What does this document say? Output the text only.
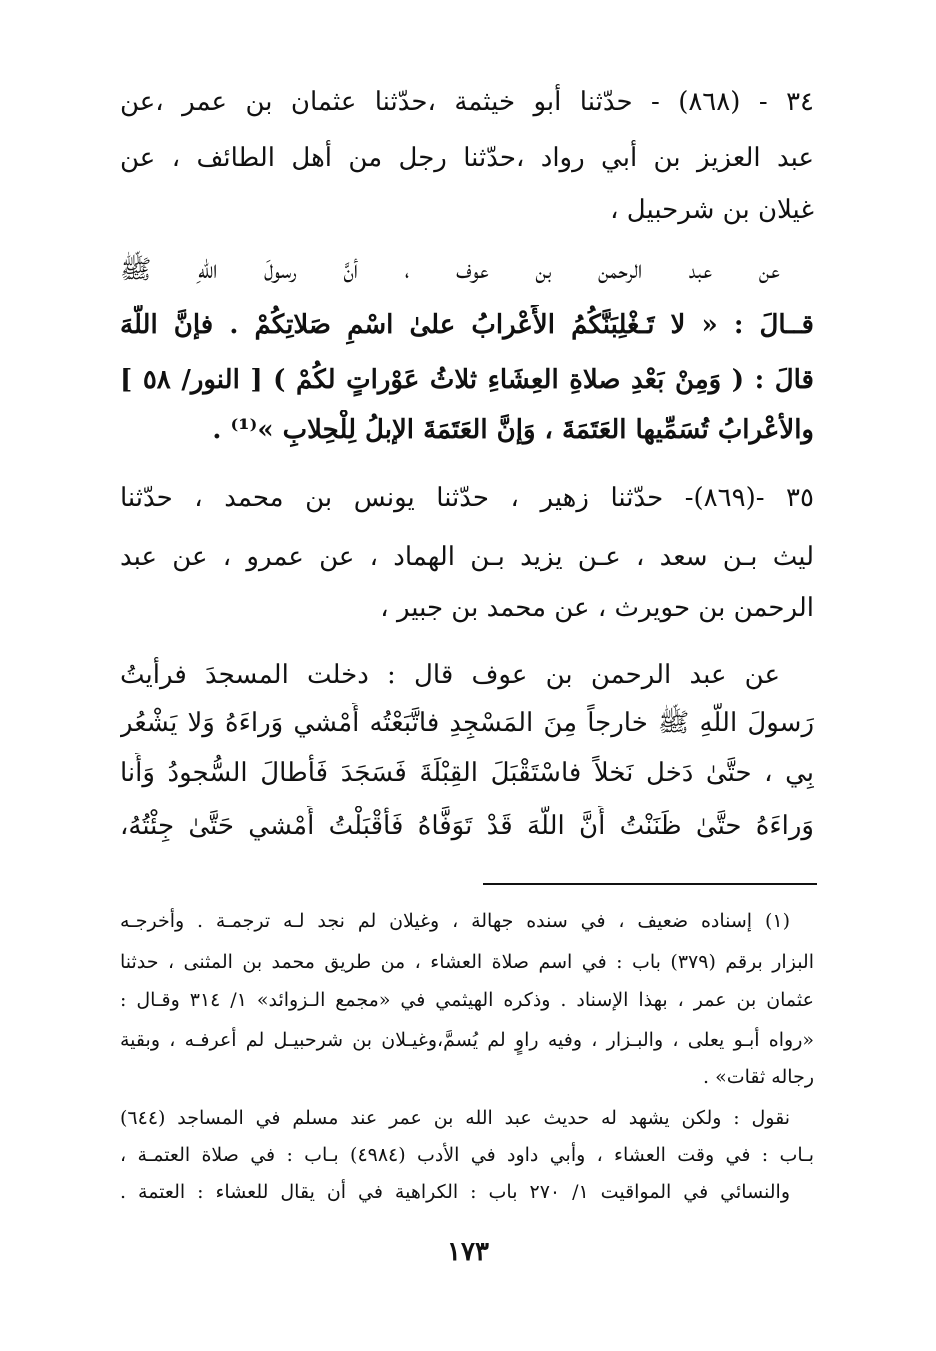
٣٤ - (٨٦٨) - حدّثنا أبو خيثمة ،حدّثنا عثمان بن عمر ،عن
عبد العزيز بن أبي رواد ،حدّثنا رجل من أهل الطائف ، عن
غيلان بن شرحبيل ،
عن عبد الرحمن بن عوف ، أنَّ رسولَ اللّهِ ﷺ
قــالَ : « لا تَـغْلِبَنَّكُمُ الأَعْرابُ علىٰ اسْمِ صَلاتِكُمْ . فإنَّ اللَّهَ
قالَ : ( وَمِنْ بَعْدِ صلاةِ العِشَاءِ ثلاثُ عَوْراتٍ لكُمْ ) [ النور/ ٥٨ ]
والأعْرابُ تُسَمِّيها العَتَمَةَ ، وَإنَّ العَتَمَةَ الإبلُ لِلْحِلابِ »⁽¹⁾ .
٣٥ -(٨٦٩)- حدّثنا زهير ، حدّثنا يونس بن محمد ، حدّثنا
ليث بـن سعد ، عـن يزيد بـن الهماد ، عن عمرو ، عن عبد
الرحمن بن حويرث ، عن محمد بن جبير ،
عن عبد الرحمن بن عوف قال : دخلت المسجدَ فرأيتُ
رَسولَ اللَّهِ ﷺ خارجاً مِنَ المَسْجِدِ فاتَّبَعْتُه أَمْشي وَراءَهُ وَلا يَشْعُر
بِي ، حتَّىٰ دَخل نَخلاً فاسْتَقْبَلَ القِبْلَةَ فَسَجَدَ فَأَطالَ السُّجودُ وَأَنا
وَراءَهُ حتَّىٰ ظَنَنْتُ أَنَّ اللَّهَ قَدْ تَوَفَّاهُ فَأَقْبَلْتُ أَمْشي حَتَّىٰ جِئْتُهُ،
(١) إسناده ضعيف ، في سنده جهالة ، وغيلان لم نجد لـه ترجمـة . وأخرجـه
البزار برقم (٣٧٩) باب : في اسم صلاة العشاء ، من طريق محمد بن المثنى ، حدثنا
عثمان بن عمر ، بهذا الإسناد . وذكره الهيثمي في «مجمع الـزوائد» ١/ ٣١٤ وقـال :
«رواه أبـو يعلى ، والبـزار ، وفيه راوٍ لم يُسمَّ،وغيـلان بن شرحبيـل لم أعرفـه ، وبقية
رجاله ثقات» .
نقول : ولكن يشهد له حديث عبد الله بن عمر عند مسلم في المساجد (٦٤٤)
بـاب : في وقت العشاء ، وأبي داود في الأدب (٤٩٨٤) بـاب : في صلاة العتمـة ،
والنسائي في المواقيت ١/ ٢٧٠ باب : الكراهية في أن يقال للعشاء : العتمة .
١٧٣
